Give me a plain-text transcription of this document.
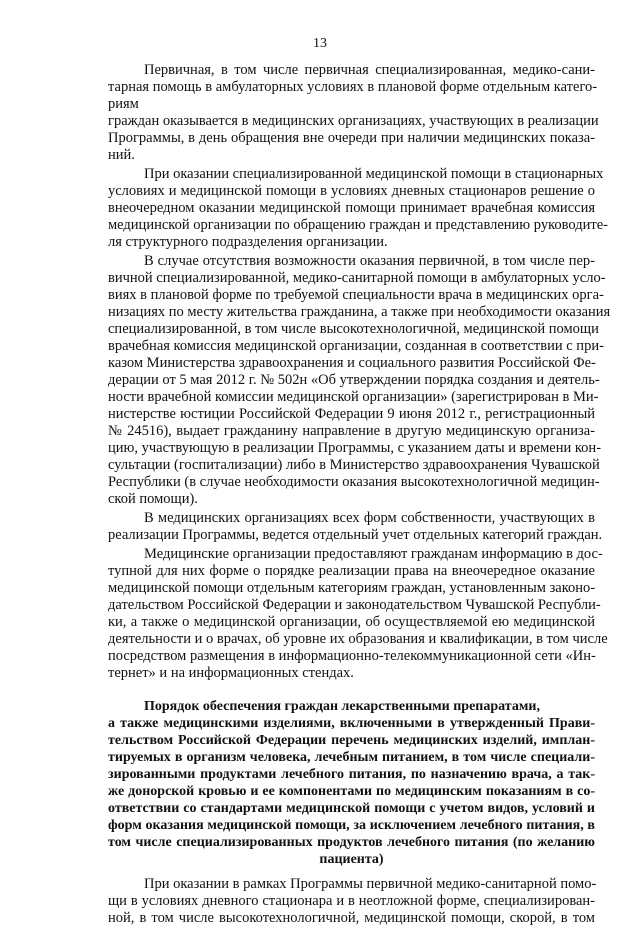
13
Первичная, в том числе первичная специализированная, медико-сани-
тарная помощь в амбулаторных условиях в плановой форме отдельным катего-
риям
граждан оказывается в медицинских организациях, участвующих в реализации
Программы, в день обращения вне очереди при наличии медицинских показа-
ний.
При оказании специализированной медицинской помощи в стационарных
условиях и медицинской помощи в условиях дневных стационаров решение о
внеочередном оказании медицинской помощи принимает врачебная комиссия
медицинской организации по обращению граждан и представлению руководите-
ля структурного подразделения организации.
В случае отсутствия возможности оказания первичной, в том числе пер-
вичной специализированной, медико-санитарной помощи в амбулаторных усло-
виях в плановой форме по требуемой специальности врача в медицинских орга-
низациях по месту жительства гражданина, а также при необходимости оказания
специализированной, в том числе высокотехнологичной, медицинской помощи
врачебная комиссия медицинской организации, созданная в соответствии с при-
казом Министерства здравоохранения и социального развития Российской Фе-
дерации от 5 мая 2012 г. № 502н «Об утверждении порядка создания и деятель-
ности врачебной комиссии медицинской организации» (зарегистрирован в Ми-
нистерстве юстиции Российской Федерации 9 июня 2012 г., регистрационный
№ 24516), выдает гражданину направление в другую медицинскую организа-
цию, участвующую в реализации Программы, с указанием даты и времени кон-
сультации (госпитализации) либо в Министерство здравоохранения Чувашской
Республики (в случае необходимости оказания высокотехнологичной медицин-
ской помощи).
В медицинских организациях всех форм собственности, участвующих в
реализации Программы, ведется отдельный учет отдельных категорий граждан.
Медицинские организации предоставляют гражданам информацию в дос-
тупной для них форме о порядке реализации права на внеочередное оказание
медицинской помощи отдельным категориям граждан, установленным законо-
дательством Российской Федерации и законодательством Чувашской Республи-
ки, а также о медицинской организации, об осуществляемой ею медицинской
деятельности и о врачах, об уровне их образования и квалификации, в том числе
посредством размещения в информационно-телекоммуникационной сети «Ин-
тернет» и на информационных стендах.
Порядок обеспечения граждан лекарственными препаратами,
а также медицинскими изделиями, включенными в утвержденный Прави-
тельством Российской Федерации перечень медицинских изделий, имплан-
тируемых в организм человека, лечебным питанием, в том числе специали-
зированными продуктами лечебного питания, по назначению врача, а так-
же донорской кровью и ее компонентами по медицинским показаниям в со-
ответствии со стандартами медицинской помощи с учетом видов, условий и
форм оказания медицинской помощи, за исключением лечебного питания, в
том числе специализированных продуктов лечебного питания (по желанию
пациента)
При оказании в рамках Программы первичной медико-санитарной помо-
щи в условиях дневного стационара и в неотложной форме, специализирован-
ной, в том числе высокотехнологичной, медицинской помощи, скорой, в том
